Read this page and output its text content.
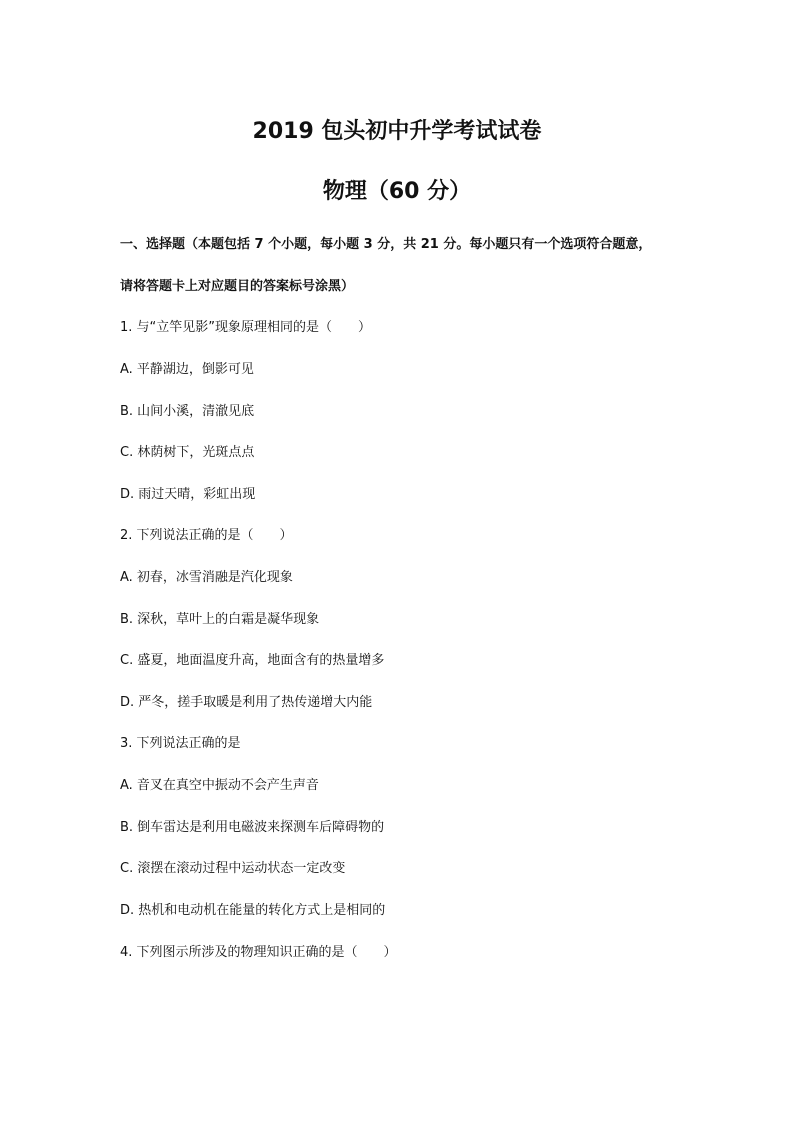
2019 包头初中升学考试试卷
物理（60 分）
一、选择题（本题包括 7 个小题，每小题 3 分，共 21 分。每小题只有一个选项符合题意，
请将答题卡上对应题目的答案标号涂黑）
1. 与“立竿见影”现象原理相同的是（　　）
A. 平静湖边，倒影可见
B. 山间小溪，清澈见底
C. 林荫树下，光斑点点
D. 雨过天晴，彩虹出现
2. 下列说法正确的是（　　）
A. 初春，冰雪消融是汽化现象
B. 深秋，草叶上的白霜是凝华现象
C. 盛夏，地面温度升高，地面含有的热量增多
D. 严冬，搓手取暖是利用了热传递增大内能
3. 下列说法正确的是
A. 音叉在真空中振动不会产生声音
B. 倒车雷达是利用电磁波来探测车后障碍物的
C. 滚摆在滚动过程中运动状态一定改变
D. 热机和电动机在能量的转化方式上是相同的
4. 下列图示所涉及的物理知识正确的是（　　）
